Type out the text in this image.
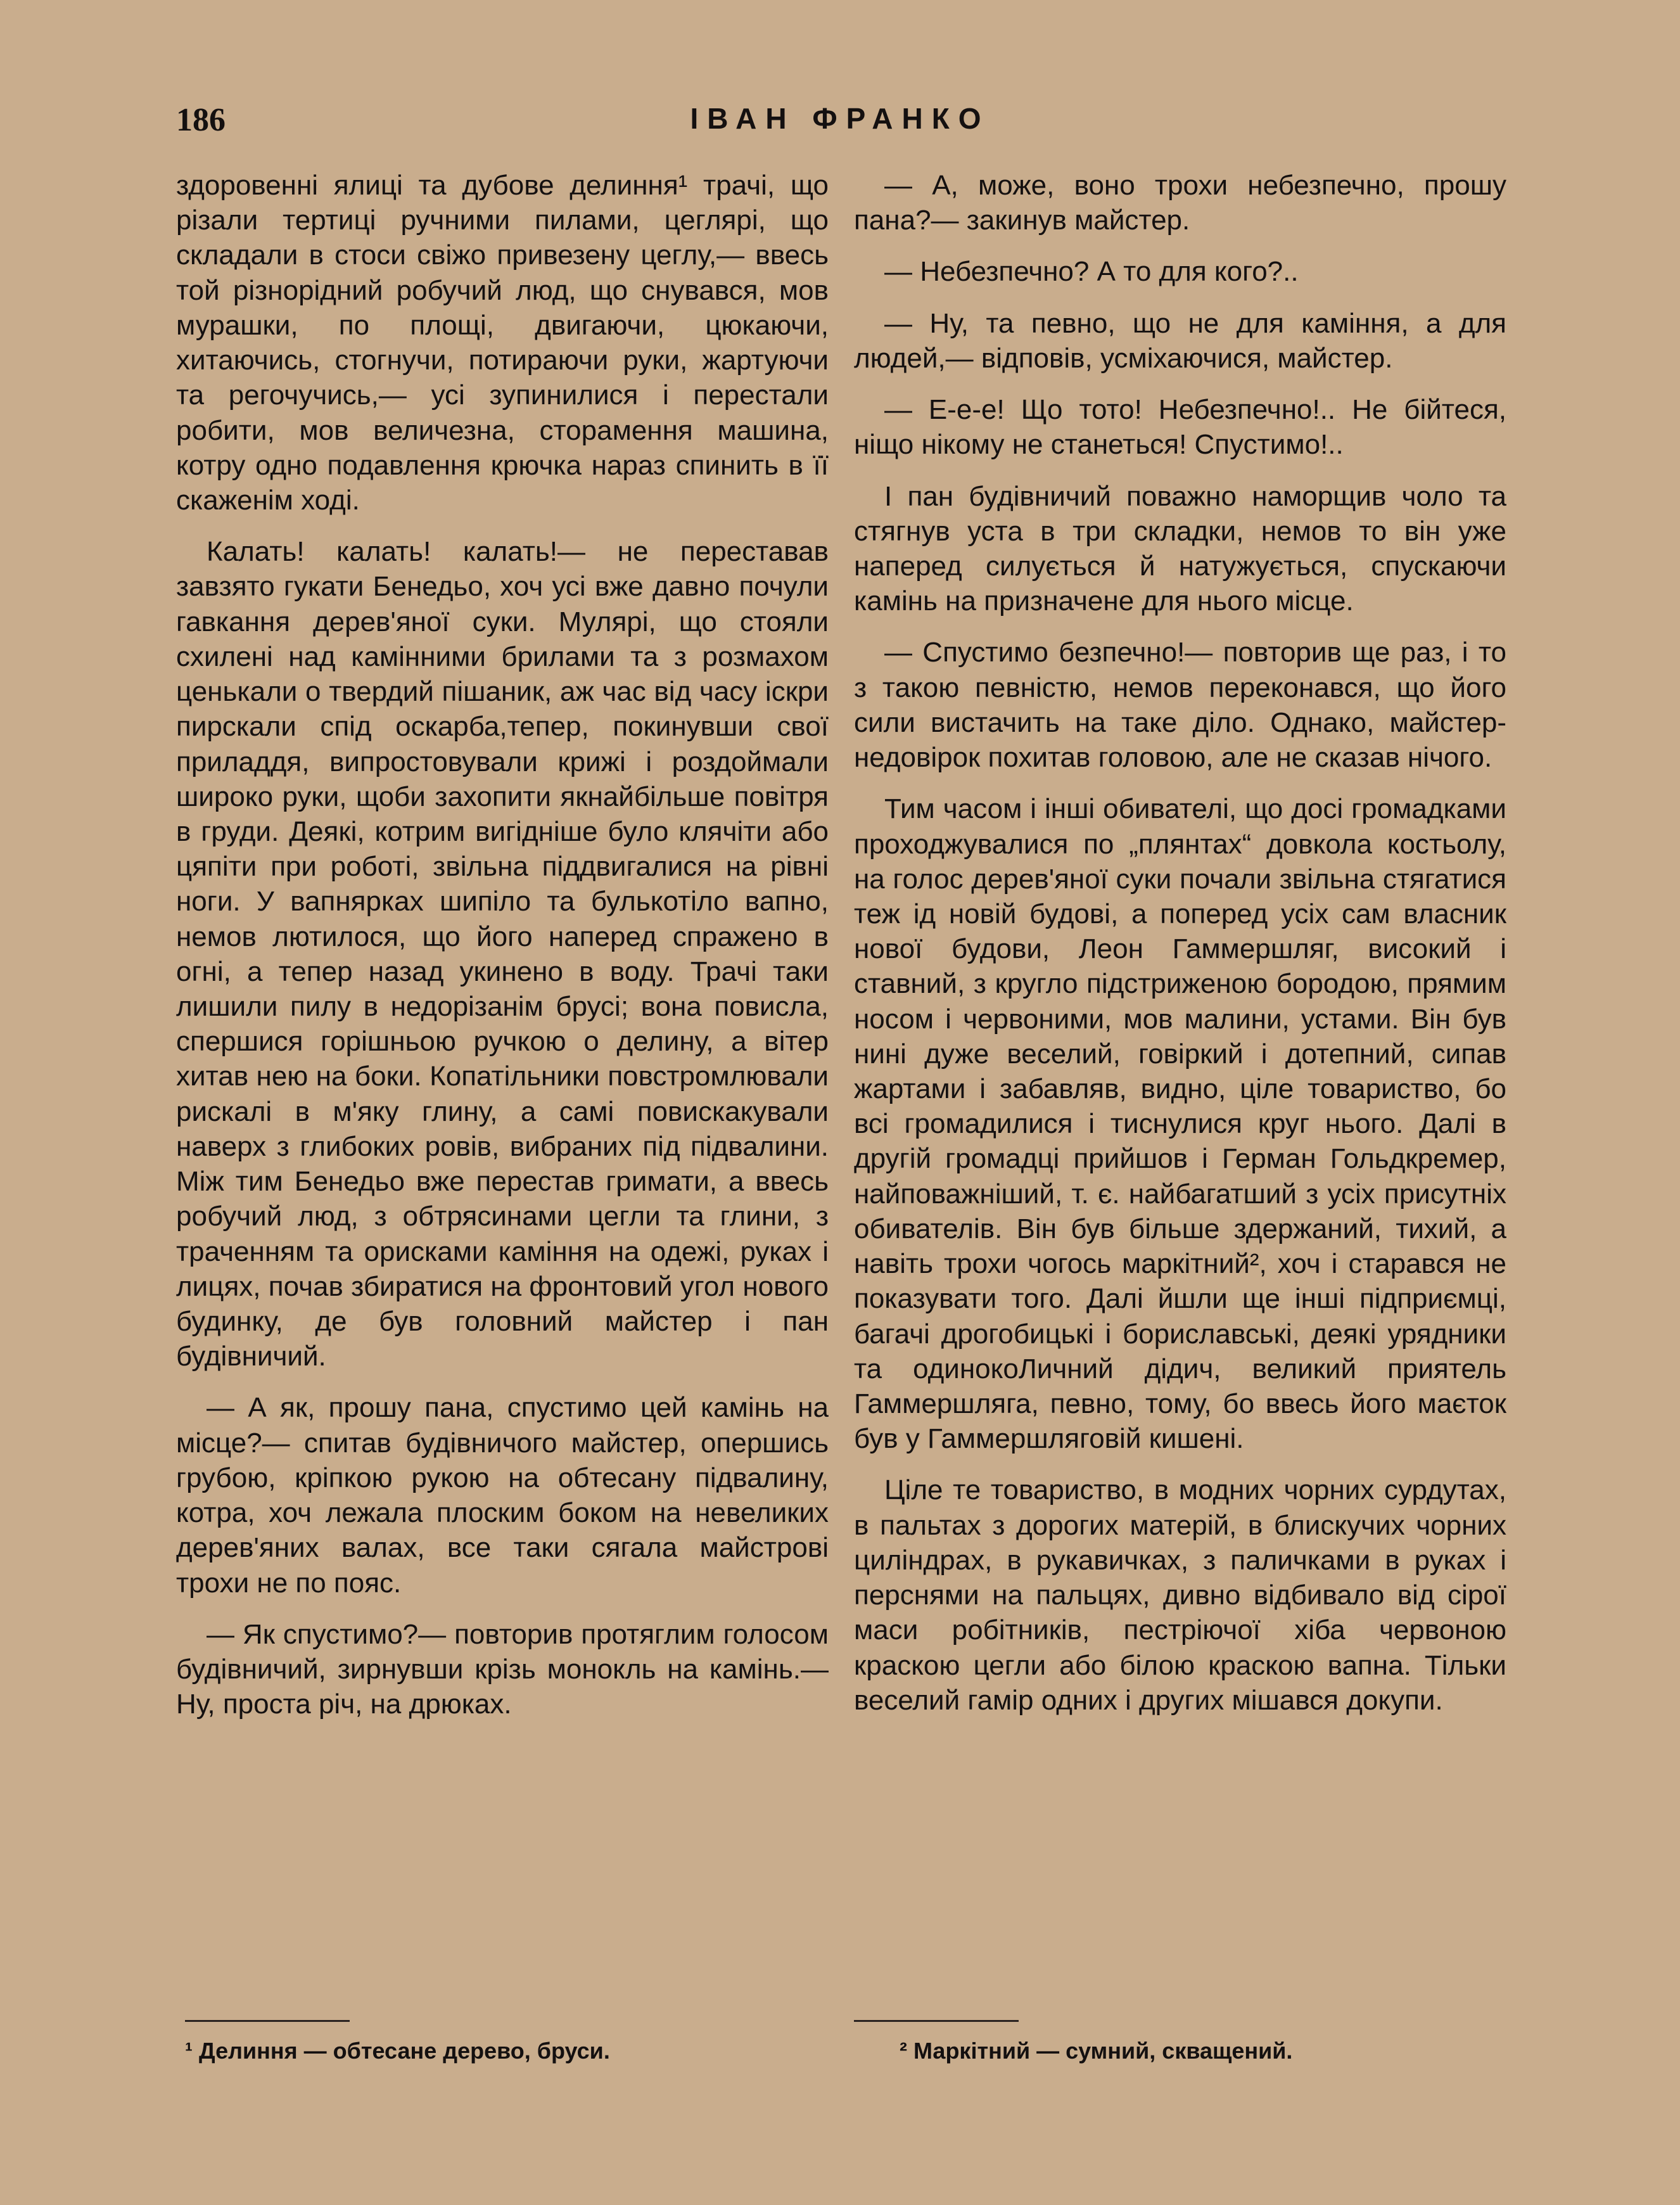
186	ІВАН ФРАНКО

здоровенні ялиці та дубове делиння¹ трачі, що різали тертиці ручними пилами, цеглярі, що складали в стоси свіжо привезену цеглу,— ввесь той різнорідний робучий люд, що снувався, мов мурашки, по площі, двигаючи, цюкаючи, хитаючись, стогнучи, потираючи руки, жартуючи та регочучись,— усі зупинилися і перестали робити, мов величезна, сторамення машина, котру одно подавлення крючка нараз спинить в її скаженім ході.

Калать! калать! калать!— не переставав завзято гукати Бенедьо, хоч усі вже давно почули гавкання дерев'яної суки. Мулярі, що стояли схилені над камінними брилами та з розмахом ценькали о твердий пішаник, аж час від часу іскри пирскали спід оскарба,тепер, покинувши свої приладдя, випростовували крижі і роздоймали широко руки, щоби захопити якнайбільше повітря в груди. Деякі, котрим вигідніше було клячіти або цяпіти при роботі, звільна піддвигалися на рівні ноги. У вапнярках шипіло та булькотіло вапно, немов лютилося, що його наперед спражено в огні, а тепер назад укинено в воду. Трачі таки лишили пилу в недорізанім брусі; вона повисла, спершися горішньою ручкою о делину, а вітер хитав нею на боки. Копатільники повстромлювали рискалі в м'яку глину, а самі повискакували наверх з глибоких ровів, вибраних під підвалини. Між тим Бенедьо вже перестав гримати, а ввесь робучий люд, з обтрясинами цегли та глини, з траченням та орисками каміння на одежі, руках і лицях, почав збиратися на фронтовий угол нового будинку, де був головний майстер і пан будівничий.

— А як, прошу пана, спустимо цей камінь на місце?— спитав будівничого майстер, опершись грубою, кріпкою рукою на обтесану підвалину, котра, хоч лежала плоским боком на невеликих дерев'яних валах, все таки сягала майстрові трохи не по пояс.

— Як спустимо?— повторив протяглим голосом будівничий, зирнувши крізь монокль на камінь.— Ну, проста річ, на дрюках.

— А, може, воно трохи небезпечно, прошу пана?— закинув майстер.

— Небезпечно? А то для кого?..

— Ну, та певно, що не для каміння, а для людей,— відповів, усміхаючися, майстер.

— Е-е-е! Що тото! Небезпечно!.. Не бійтеся, ніщо нікому не станеться! Спустимо!..

І пан будівничий поважно наморщив чоло та стягнув уста в три складки, немов то він уже наперед силується й натужується, спускаючи камінь на призначене для нього місце.

— Спустимо безпечно!— повторив ще раз, і то з такою певністю, немов переконався, що його сили вистачить на таке діло. Однако, майстер-недовірок похитав головою, але не сказав нічого.

Тим часом і інші обивателі, що досі громадками проходжувалися по „плянтах“ довкола костьолу, на голос дерев'яної суки почали звільна стягатися теж ід новій будові, а поперед усіх сам власник нової будови, Леон Гаммершляг, високий і ставний, з кругло підстриженою бородою, прямим носом і червоними, мов малини, устами. Він був нині дуже веселий, говіркий і дотепний, сипав жартами і забавляв, видно, ціле товариство, бо всі громадилися і тиснулися круг нього. Далі в другій громадці прийшов і Герман Гольдкремер, найповажніший, т. є. найбагатший з усіх присутніх обивателів. Він був більше здержаний, тихий, а навіть трохи чогось маркітний², хоч і старався не показувати того. Далі йшли ще інші підприємці, багачі дрогобицькі і бориславські, деякі урядники та одинокоЛичний дідич, великий приятель Гаммершляга, певно, тому, бо ввесь його маєток був у Гаммершляговій кишені.

Ціле те товариство, в модних чорних сурдутах, в пальтах з дорогих матерій, в блискучих чорних циліндрах, в рукавичках, з паличками в руках і перснями на пальцях, дивно відбивало від сірої маси робітників, пестріючої хіба червоною краскою цегли або білою краскою вапна. Тільки веселий гамір одних і других мішався докупи.

¹ Делиння — обтесане дерево, бруси.	² Маркітний — сумний, скващений.
